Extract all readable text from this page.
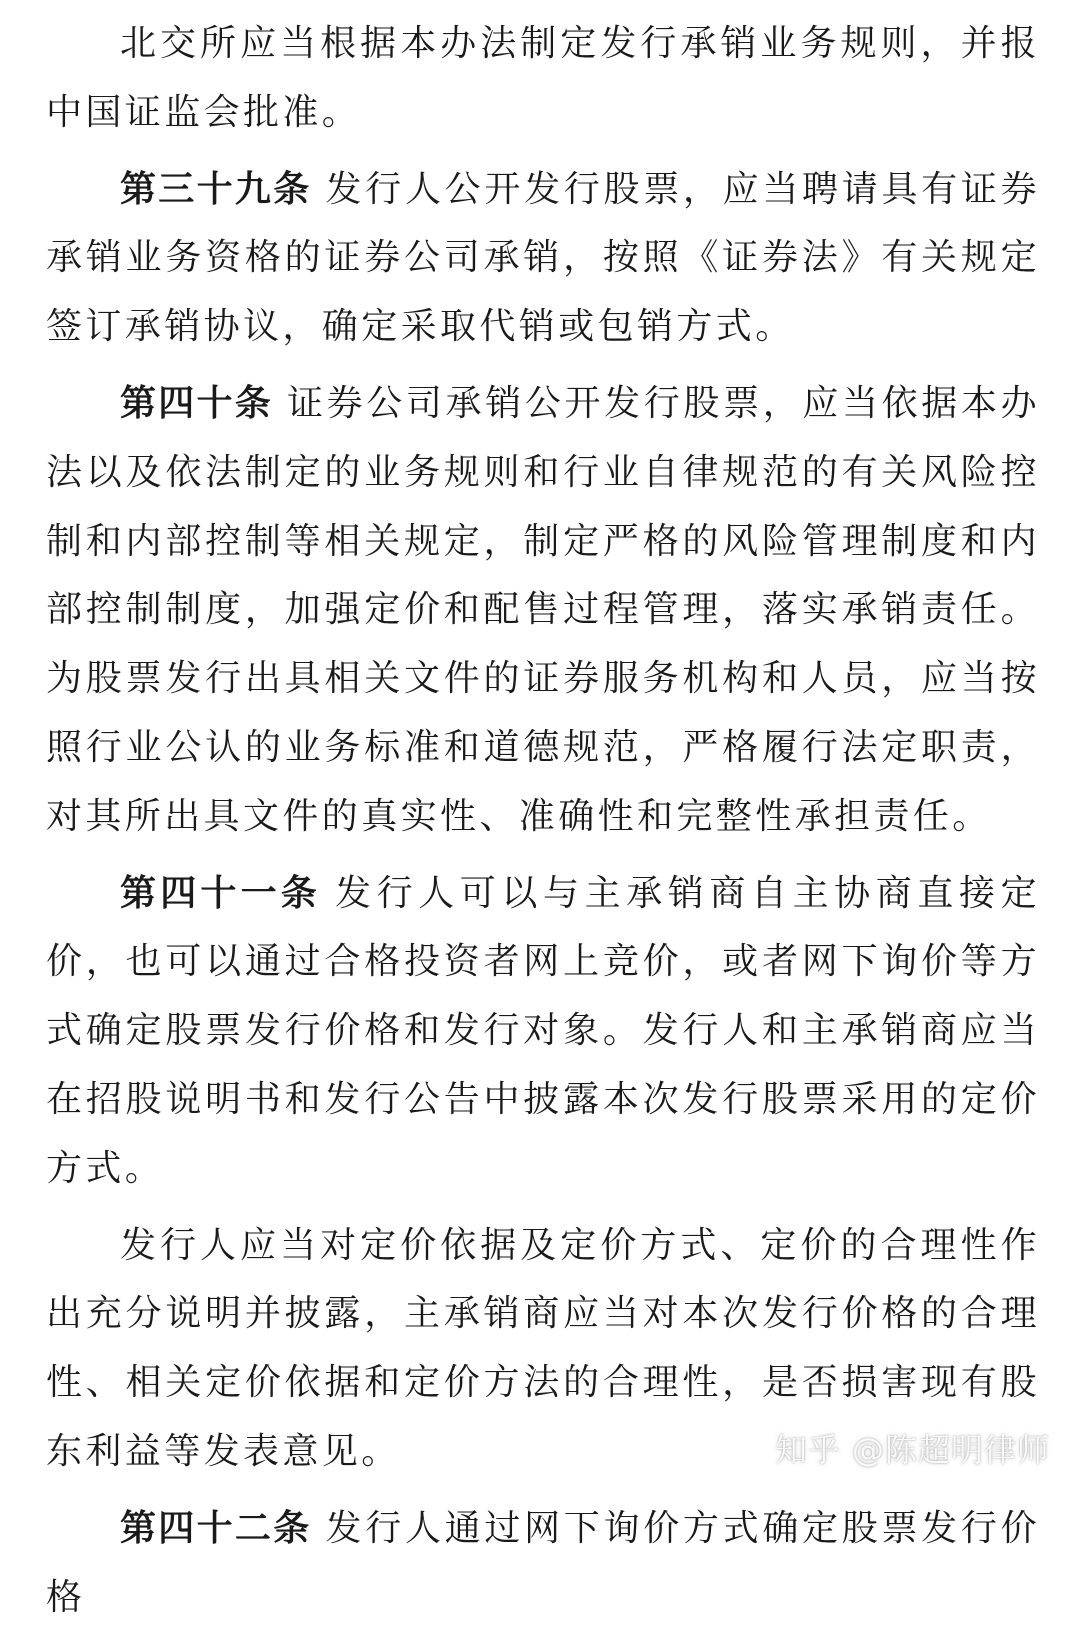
北交所应当根据本办法制定发行承销业务规则，并报中国证监会批准。

第三十九条 发行人公开发行股票，应当聘请具有证券承销业务资格的证券公司承销，按照《证券法》有关规定签订承销协议，确定采取代销或包销方式。

第四十条 证券公司承销公开发行股票，应当依据本办法以及依法制定的业务规则和行业自律规范的有关风险控制和内部控制等相关规定，制定严格的风险管理制度和内部控制制度，加强定价和配售过程管理，落实承销责任。为股票发行出具相关文件的证券服务机构和人员，应当按照行业公认的业务标准和道德规范，严格履行法定职责，对其所出具文件的真实性、准确性和完整性承担责任。

第四十一条 发行人可以与主承销商自主协商直接定价，也可以通过合格投资者网上竞价，或者网下询价等方式确定股票发行价格和发行对象。发行人和主承销商应当在招股说明书和发行公告中披露本次发行股票采用的定价方式。

发行人应当对定价依据及定价方式、定价的合理性作出充分说明并披露，主承销商应当对本次发行价格的合理性、相关定价依据和定价方法的合理性，是否损害现有股东利益等发表意见。

第四十二条 发行人通过网下询价方式确定股票发行价格

知乎 @陈超明律师
